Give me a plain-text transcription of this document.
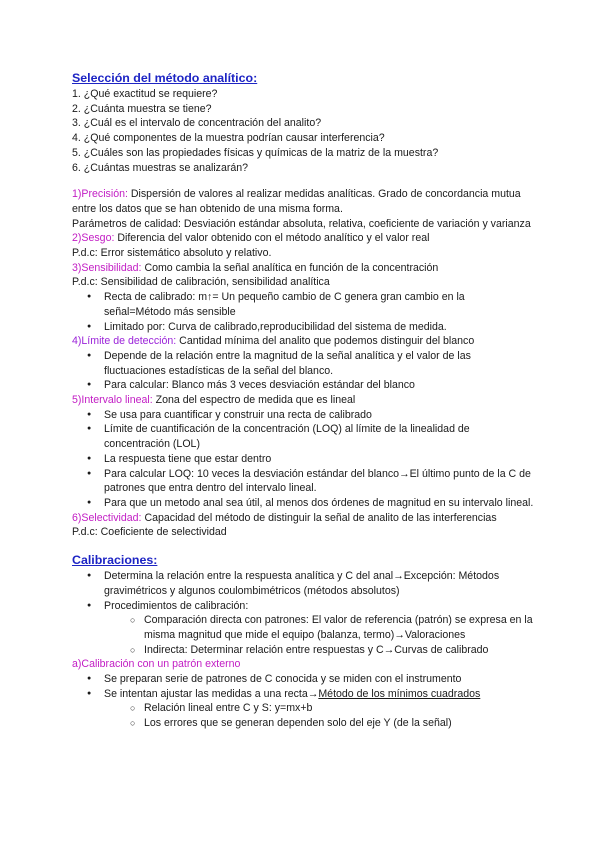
Selección del método analítico:

1. ¿Qué exactitud se requiere?

2. ¿Cuánta muestra se tiene?

3. ¿Cuál es el intervalo de concentración del analito?

4. ¿Qué componentes de la muestra podrían causar interferencia?

5. ¿Cuáles son las propiedades físicas y químicas de la matriz de la muestra?

6. ¿Cuántas muestras se analizarán?

1)Precisión: Dispersión de valores al realizar medidas analíticas. Grado de concordancia mutua entre los datos que se han obtenido de una misma forma.

Parámetros de calidad: Desviación estándar absoluta, relativa, coeficiente de variación y varianza

2)Sesgo: Diferencia del valor obtenido con el método analítico y el valor real

P.d.c: Error sistemático absoluto y relativo.

3)Sensibilidad: Como cambia la señal analítica en función de la concentración

P.d.c: Sensibilidad de calibración, sensibilidad analítica

● Recta de calibrado: m↑= Un pequeño cambio de C genera gran cambio en la señal=Método más sensible
● Limitado por: Curva de calibrado,reproducibilidad del sistema de medida.

4)Límite de detección: Cantidad mínima del analito que podemos distinguir del blanco

● Depende de la relación entre la magnitud de la señal analítica y el valor de las fluctuaciones estadísticas de la señal del blanco.
● Para calcular: Blanco más 3 veces desviación estándar del blanco

5)Intervalo lineal: Zona del espectro de medida que es lineal

● Se usa para cuantificar y construir una recta de calibrado
● Límite de cuantificación de la concentración (LOQ) al límite de la linealidad de concentración (LOL)
● La respuesta tiene que estar dentro
● Para calcular LOQ: 10 veces la desviación estándar del blanco→El último punto de la C de patrones que entra dentro del intervalo lineal.
● Para que un metodo anal sea útil, al menos dos órdenes de magnitud en su intervalo lineal.

6)Selectividad: Capacidad del método de distinguir la señal de analito de las interferencias

P.d.c: Coeficiente de selectividad

Calibraciones:
● Determina la relación entre la respuesta analítica y C del anal→Excepción: Métodos gravimétricos y algunos coulombimétricos (métodos absolutos)
● Procedimientos de calibración:
○ Comparación directa con patrones: El valor de referencia (patrón) se expresa en la misma magnitud que mide el equipo (balanza, termo)→Valoraciones
○ Indirecta: Determinar relación entre respuestas y C→Curvas de calibrado

a)Calibración con un patrón externo

● Se preparan serie de patrones de C conocida y se miden con el instrumento
● Se intentan ajustar las medidas a una recta→Método de los mínimos cuadrados
○ Relación lineal entre C y S: y=mx+b
○ Los errores que se generan dependen solo del eje Y (de la señal)
